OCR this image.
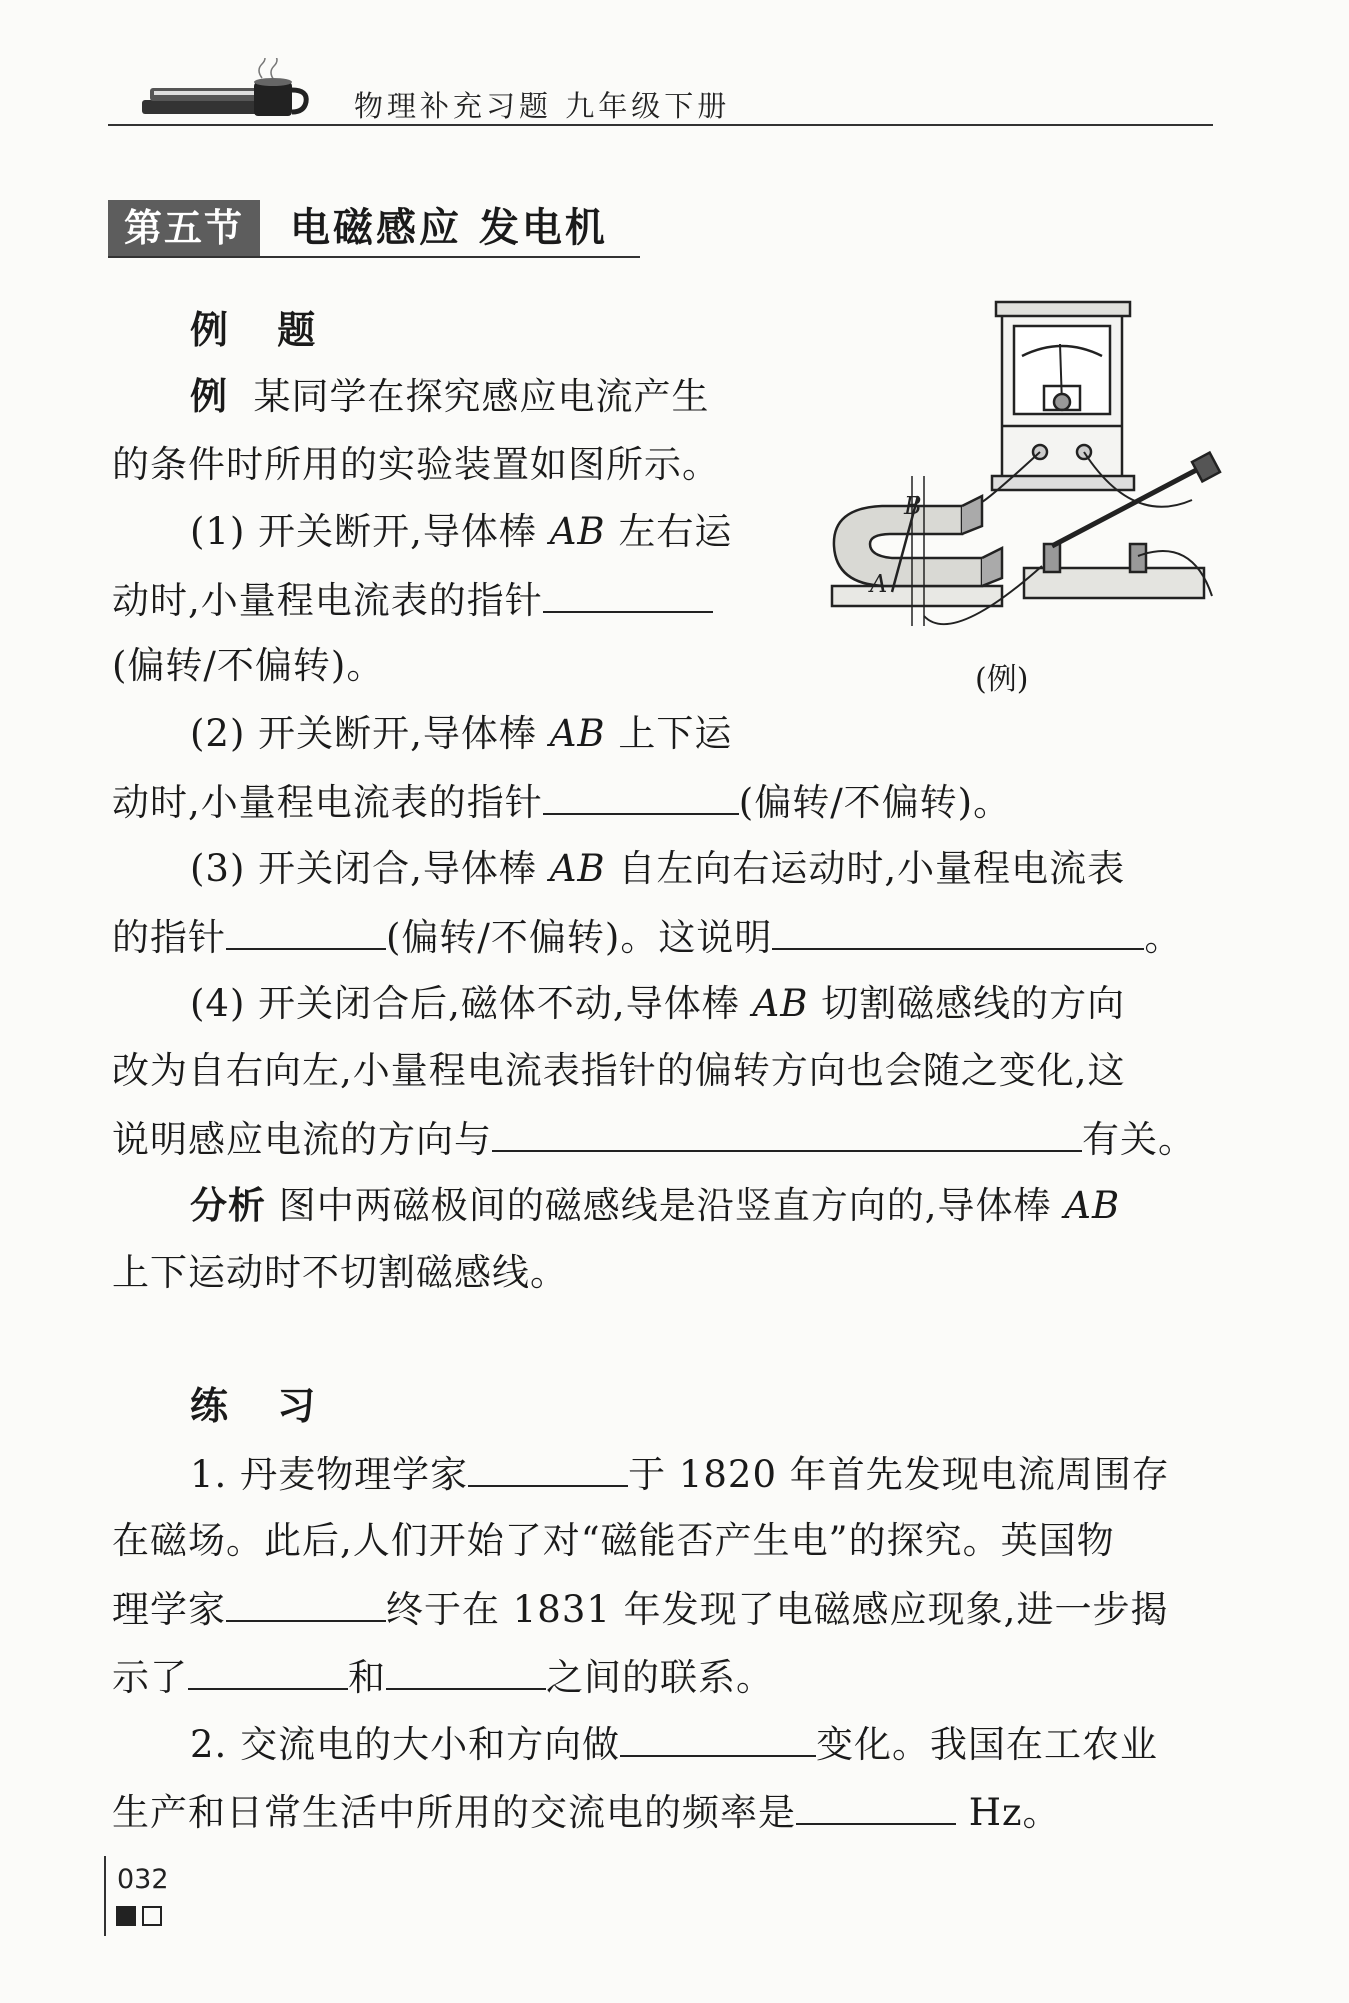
物理补充习题 九年级下册
第五节	电磁感应 发电机
例 题
例 某同学在探究感应电流产生
的条件时所用的实验装置如图所示。
(1) 开关断开,导体棒 AB 左右运
动时,小量程电流表的指针
(偏转/不偏转)。
(2) 开关断开,导体棒 AB 上下运
动时,小量程电流表的指针	(偏转/不偏转)。
(3) 开关闭合,导体棒 AB 自左向右运动时,小量程电流表
的指针	(偏转/不偏转)。这说明	。
(4) 开关闭合后,磁体不动,导体棒 AB 切割磁感线的方向
改为自右向左,小量程电流表指针的偏转方向也会随之变化,这
说明感应电流的方向与	有关。
分析 图中两磁极间的磁感线是沿竖直方向的,导体棒 AB
上下运动时不切割磁感线。
A
B
(例)
练 习
1. 丹麦物理学家	于 1820 年首先发现电流周围存
在磁场。此后,人们开始了对“磁能否产生电”的探究。英国物
理学家	终于在 1831 年发现了电磁感应现象,进一步揭
示了	和	之间的联系。
2. 交流电的大小和方向做	变化。我国在工农业
生产和日常生活中所用的交流电的频率是	Hz。
032
